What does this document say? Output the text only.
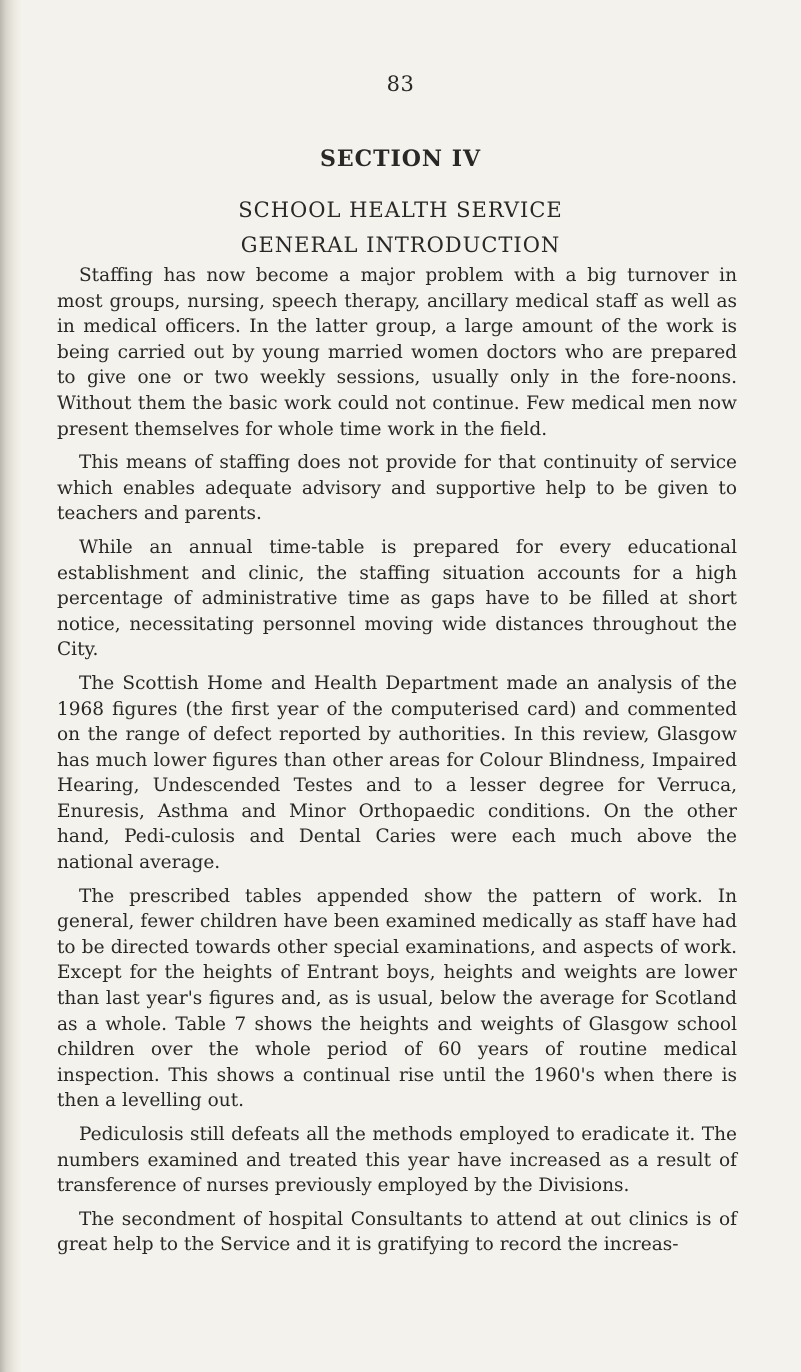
83
SECTION IV
SCHOOL HEALTH SERVICE
GENERAL INTRODUCTION

Staffing has now become a major problem with a big turnover in most groups, nursing, speech therapy, ancillary medical staff as well as in medical officers. In the latter group, a large amount of the work is being carried out by young married women doctors who are prepared to give one or two weekly sessions, usually only in the fore-noons. Without them the basic work could not continue. Few medical men now present themselves for whole time work in the field.

This means of staffing does not provide for that continuity of service which enables adequate advisory and supportive help to be given to teachers and parents.

While an annual time-table is prepared for every educational establishment and clinic, the staffing situation accounts for a high percentage of administrative time as gaps have to be filled at short notice, necessitating personnel moving wide distances throughout the City.

The Scottish Home and Health Department made an analysis of the 1968 figures (the first year of the computerised card) and commented on the range of defect reported by authorities. In this review, Glasgow has much lower figures than other areas for Colour Blindness, Impaired Hearing, Undescended Testes and to a lesser degree for Verruca, Enuresis, Asthma and Minor Orthopaedic conditions. On the other hand, Pedi-culosis and Dental Caries were each much above the national average.

The prescribed tables appended show the pattern of work. In general, fewer children have been examined medically as staff have had to be directed towards other special examinations, and aspects of work. Except for the heights of Entrant boys, heights and weights are lower than last year's figures and, as is usual, below the average for Scotland as a whole. Table 7 shows the heights and weights of Glasgow school children over the whole period of 60 years of routine medical inspection. This shows a continual rise until the 1960's when there is then a levelling out.

Pediculosis still defeats all the methods employed to eradicate it. The numbers examined and treated this year have increased as a result of transference of nurses previously employed by the Divisions.

The secondment of hospital Consultants to attend at out clinics is of great help to the Service and it is gratifying to record the increas-
